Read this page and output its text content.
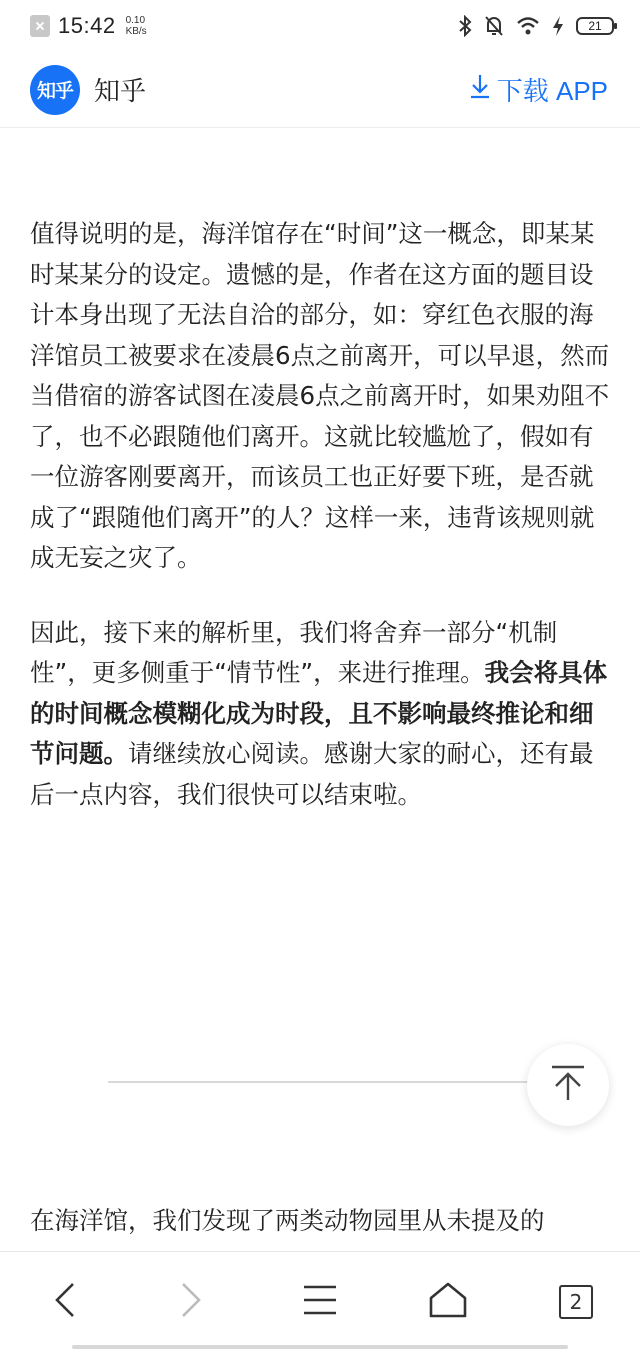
15:42 0.10
KB/s	21
知乎 知乎	下载 APP

值得说明的是，海洋馆存在“时间”这一概念，即某某时某某分的设定。遗憾的是，作者在这方面的题目设计本身出现了无法自洽的部分，如：穿红色衣服的海洋馆员工被要求在凌晨6点之前离开，可以早退，然而当借宿的游客试图在凌晨6点之前离开时，如果劝阻不了，也不必跟随他们离开。这就比较尴尬了，假如有一位游客刚要离开，而该员工也正好要下班，是否就成了“跟随他们离开”的人？这样一来，违背该规则就成无妄之灾了。

因此，接下来的解析里，我们将舍弃一部分“机制性”，更多侧重于“情节性”，来进行推理。我会将具体的时间概念模糊化成为时段，且不影响最终推论和细节问题。请继续放心阅读。感谢大家的耐心，还有最后一点内容，我们很快可以结束啦。

在海洋馆，我们发现了两类动物园里从未提及的
2
